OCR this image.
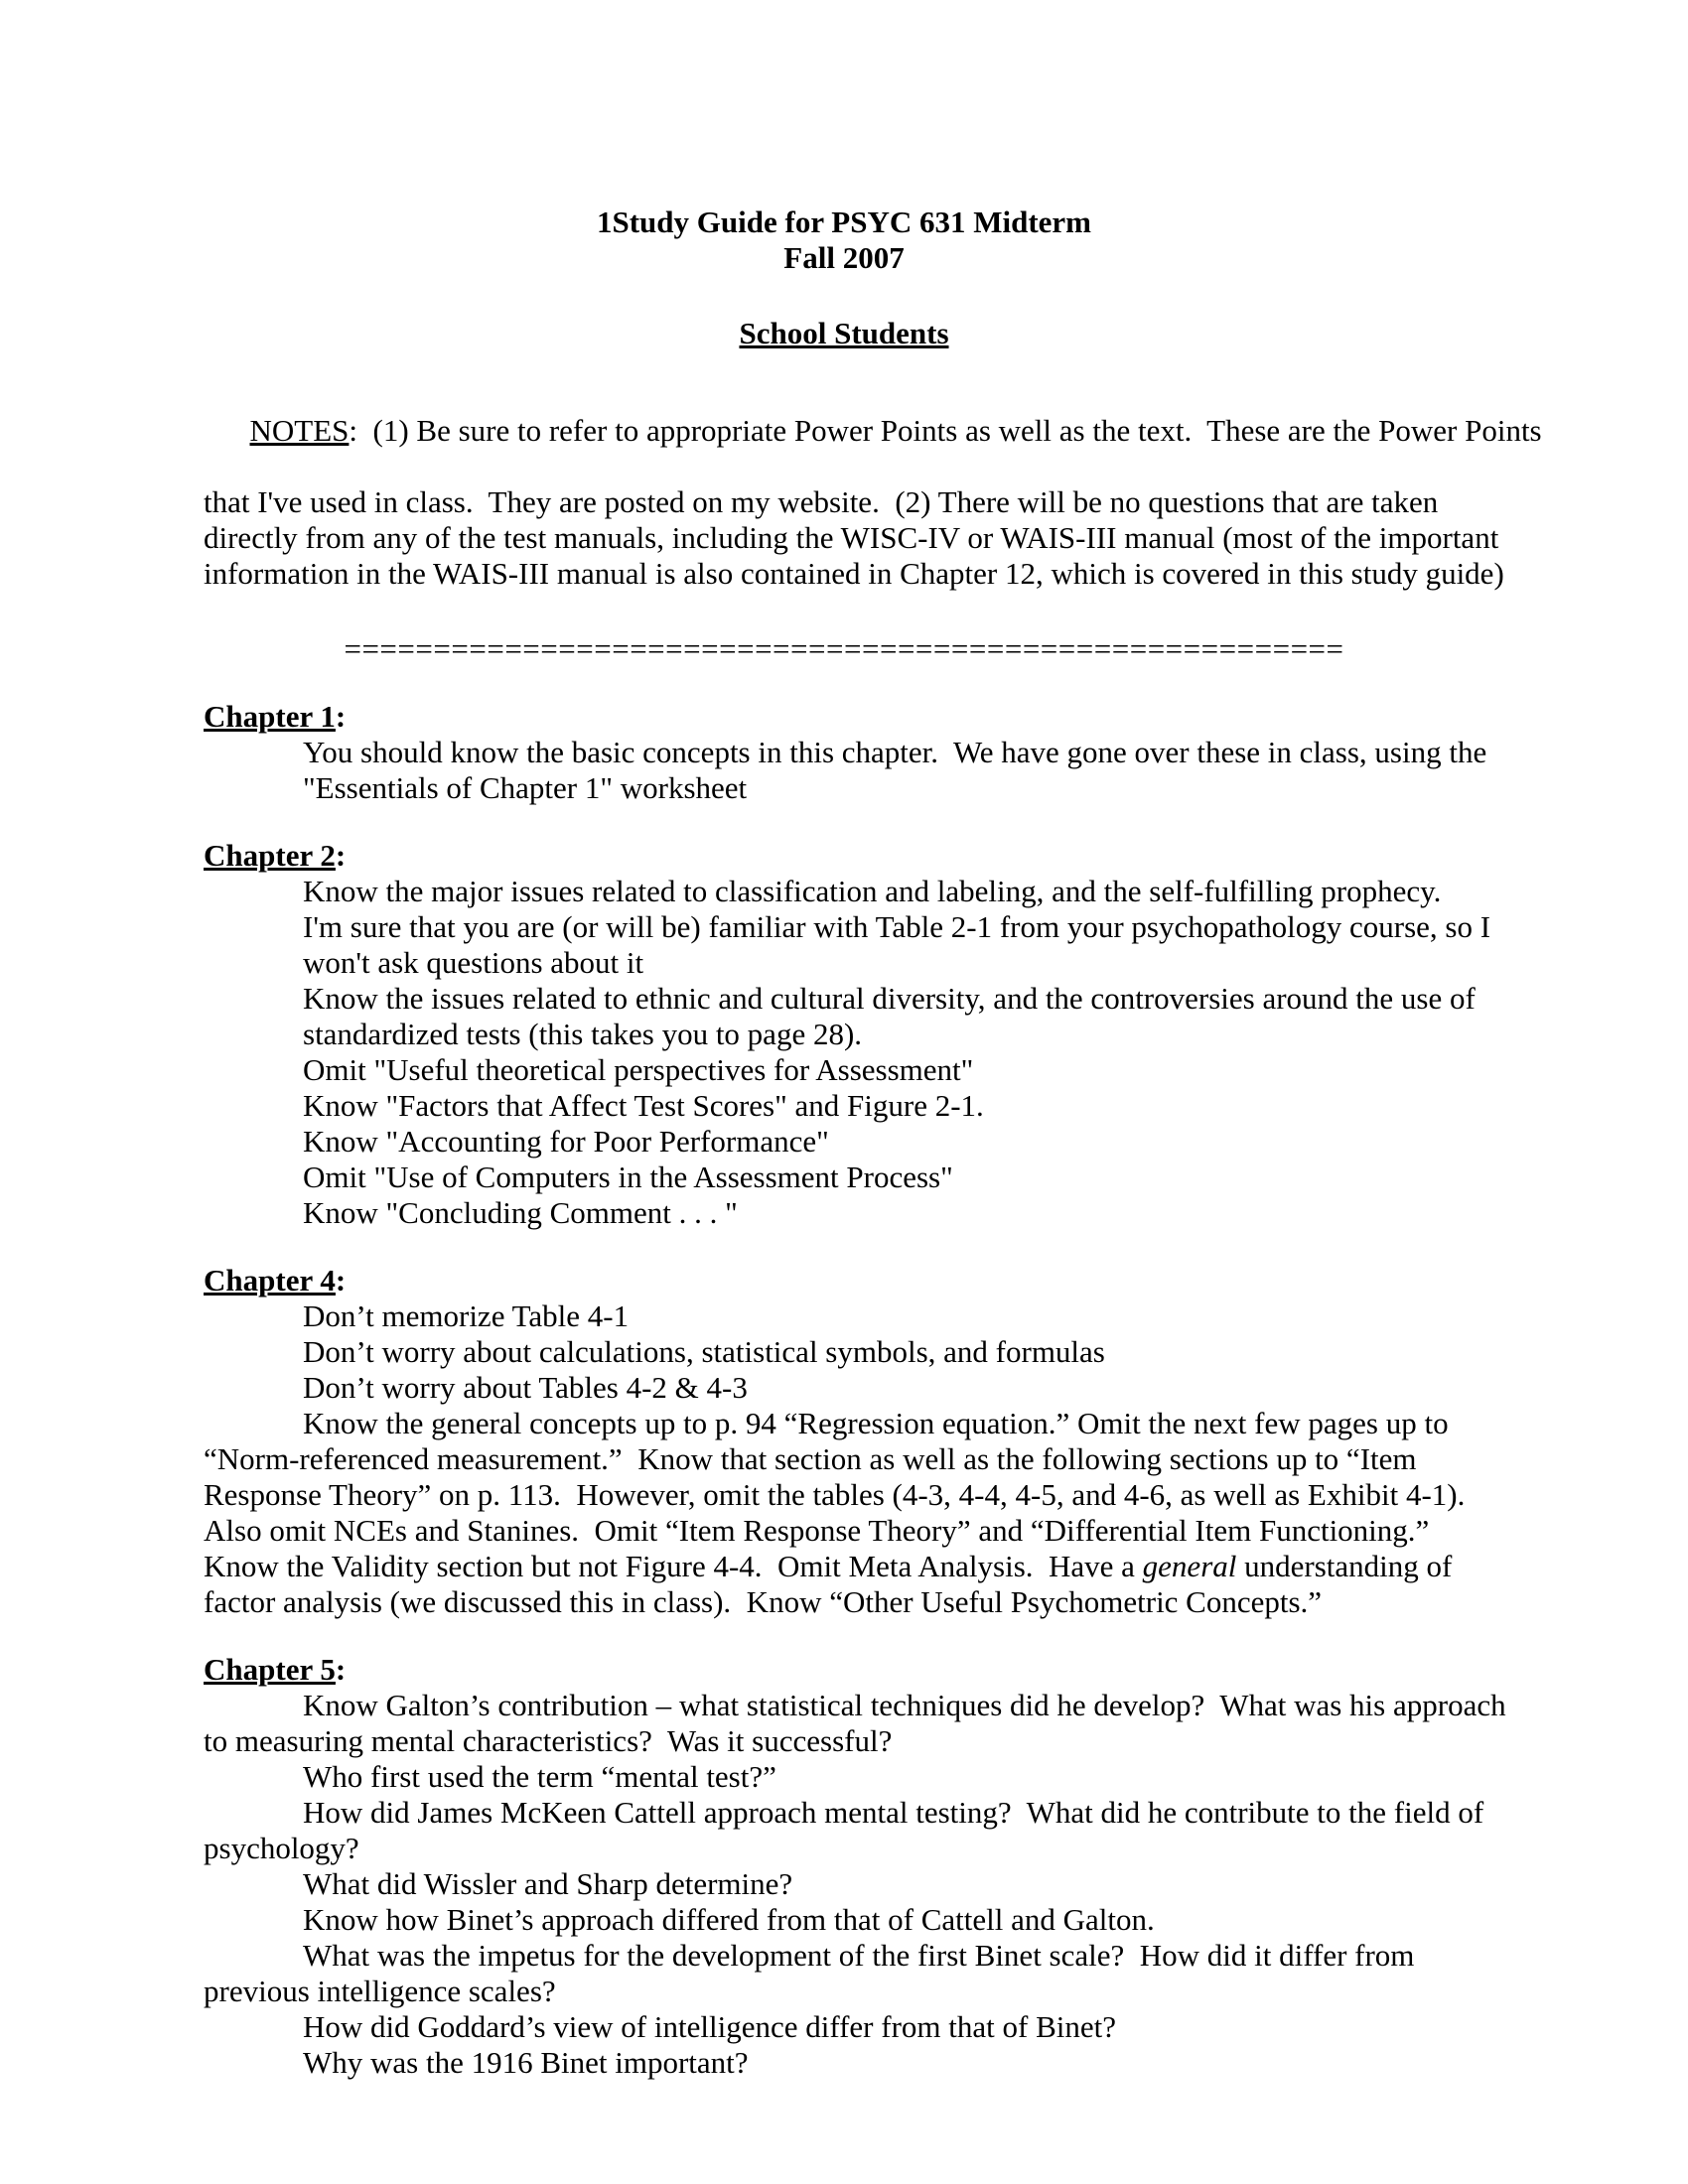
1Study Guide for PSYC 631 Midterm
Fall 2007
School Students

NOTES:  (1) Be sure to refer to appropriate Power Points as well as the text.  These are the Power Points

that I've used in class.  They are posted on my website.  (2) There will be no questions that are taken
directly from any of the test manuals, including the WISC-IV or WAIS-III manual (most of the important
information in the WAIS-III manual is also contained in Chapter 12, which is covered in this study guide)
========================================================
Chapter 1:
You should know the basic concepts in this chapter.  We have gone over these in class, using the
"Essentials of Chapter 1" worksheet
Chapter 2:
Know the major issues related to classification and labeling, and the self-fulfilling prophecy.
I'm sure that you are (or will be) familiar with Table 2-1 from your psychopathology course, so I
won't ask questions about it
Know the issues related to ethnic and cultural diversity, and the controversies around the use of
standardized tests (this takes you to page 28).
Omit "Useful theoretical perspectives for Assessment"
Know "Factors that Affect Test Scores" and Figure 2-1.
Know "Accounting for Poor Performance"
Omit "Use of Computers in the Assessment Process"
Know "Concluding Comment . . . "
Chapter 4:
Don’t memorize Table 4-1
Don’t worry about calculations, statistical symbols, and formulas
Don’t worry about Tables 4-2 & 4-3
Know the general concepts up to p. 94 “Regression equation.” Omit the next few pages up to
“Norm-referenced measurement.”  Know that section as well as the following sections up to “Item
Response Theory” on p. 113.  However, omit the tables (4-3, 4-4, 4-5, and 4-6, as well as Exhibit 4-1).
Also omit NCEs and Stanines.  Omit “Item Response Theory” and “Differential Item Functioning.”
Know the Validity section but not Figure 4-4.  Omit Meta Analysis.  Have a general understanding of
factor analysis (we discussed this in class).  Know “Other Useful Psychometric Concepts.”
Chapter 5:
Know Galton’s contribution – what statistical techniques did he develop?  What was his approach
to measuring mental characteristics?  Was it successful?
Who first used the term “mental test?”
How did James McKeen Cattell approach mental testing?  What did he contribute to the field of
psychology?
What did Wissler and Sharp determine?
Know how Binet’s approach differed from that of Cattell and Galton.
What was the impetus for the development of the first Binet scale?  How did it differ from
previous intelligence scales?
How did Goddard’s view of intelligence differ from that of Binet?
Why was the 1916 Binet important?
